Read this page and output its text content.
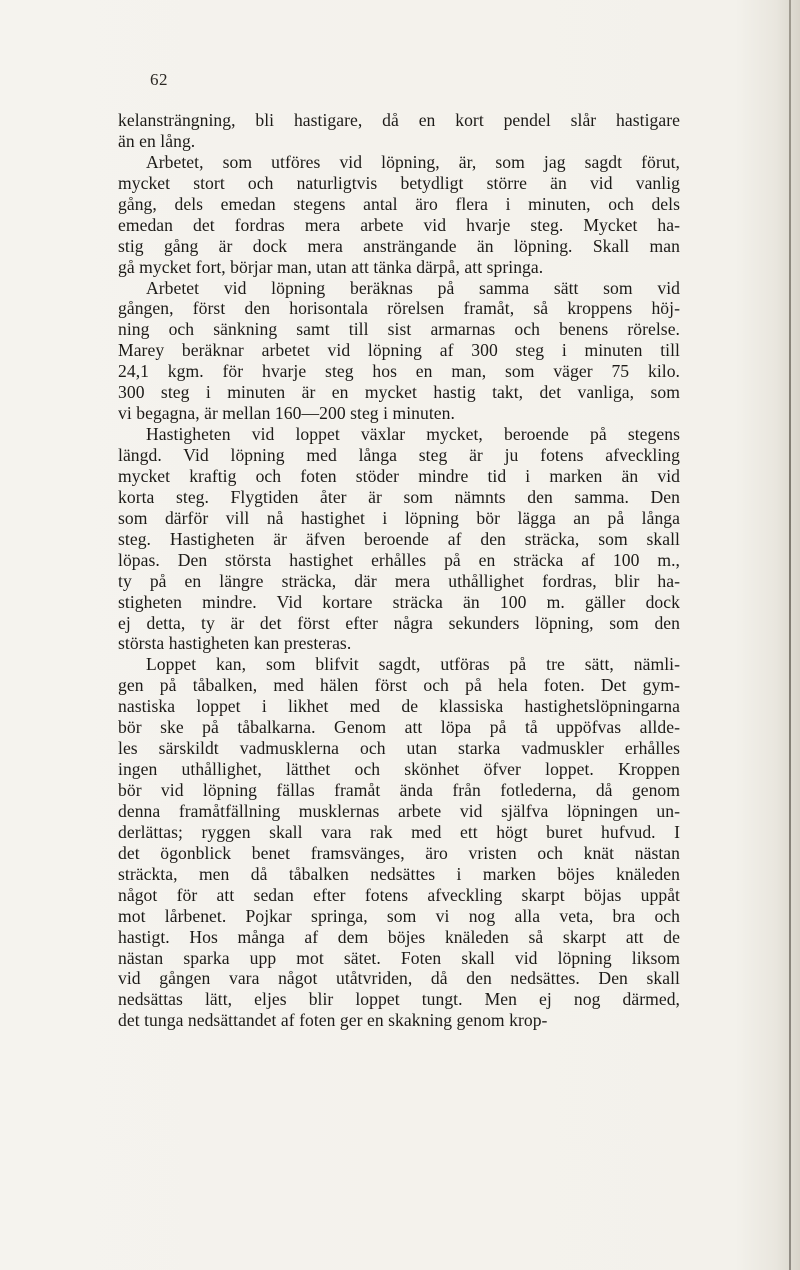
62
kelansträngning, bli hastigare, då en kort pendel slår hastigare
än en lång.
Arbetet, som utföres vid löpning, är, som jag sagdt förut,
mycket stort och naturligtvis betydligt större än vid vanlig
gång, dels emedan stegens antal äro flera i minuten, och dels
emedan det fordras mera arbete vid hvarje steg. Mycket ha-
stig gång är dock mera ansträngande än löpning. Skall man
gå mycket fort, börjar man, utan att tänka därpå, att springa.
Arbetet vid löpning beräknas på samma sätt som vid
gången, först den horisontala rörelsen framåt, så kroppens höj-
ning och sänkning samt till sist armarnas och benens rörelse.
Marey beräknar arbetet vid löpning af 300 steg i minuten till
24,1 kgm. för hvarje steg hos en man, som väger 75 kilo.
300 steg i minuten är en mycket hastig takt, det vanliga, som
vi begagna, är mellan 160—200 steg i minuten.
Hastigheten vid loppet växlar mycket, beroende på stegens
längd. Vid löpning med långa steg är ju fotens afveckling
mycket kraftig och foten stöder mindre tid i marken än vid
korta steg. Flygtiden åter är som nämnts den samma. Den
som därför vill nå hastighet i löpning bör lägga an på långa
steg. Hastigheten är äfven beroende af den sträcka, som skall
löpas. Den största hastighet erhålles på en sträcka af 100 m.,
ty på en längre sträcka, där mera uthållighet fordras, blir ha-
stigheten mindre. Vid kortare sträcka än 100 m. gäller dock
ej detta, ty är det först efter några sekunders löpning, som den
största hastigheten kan presteras.
Loppet kan, som blifvit sagdt, utföras på tre sätt, nämli-
gen på tåbalken, med hälen först och på hela foten. Det gym-
nastiska loppet i likhet med de klassiska hastighetslöpningarna
bör ske på tåbalkarna. Genom att löpa på tå uppöfvas allde-
les särskildt vadmusklerna och utan starka vadmuskler erhålles
ingen uthållighet, lätthet och skönhet öfver loppet. Kroppen
bör vid löpning fällas framåt ända från fotlederna, då genom
denna framåtfällning musklernas arbete vid själfva löpningen un-
derlättas; ryggen skall vara rak med ett högt buret hufvud. I
det ögonblick benet framsvänges, äro vristen och knät nästan
sträckta, men då tåbalken nedsättes i marken böjes knäleden
något för att sedan efter fotens afveckling skarpt böjas uppåt
mot lårbenet. Pojkar springa, som vi nog alla veta, bra och
hastigt. Hos många af dem böjes knäleden så skarpt att de
nästan sparka upp mot sätet. Foten skall vid löpning liksom
vid gången vara något utåtvriden, då den nedsättes. Den skall
nedsättas lätt, eljes blir loppet tungt. Men ej nog därmed,
det tunga nedsättandet af foten ger en skakning genom krop-
